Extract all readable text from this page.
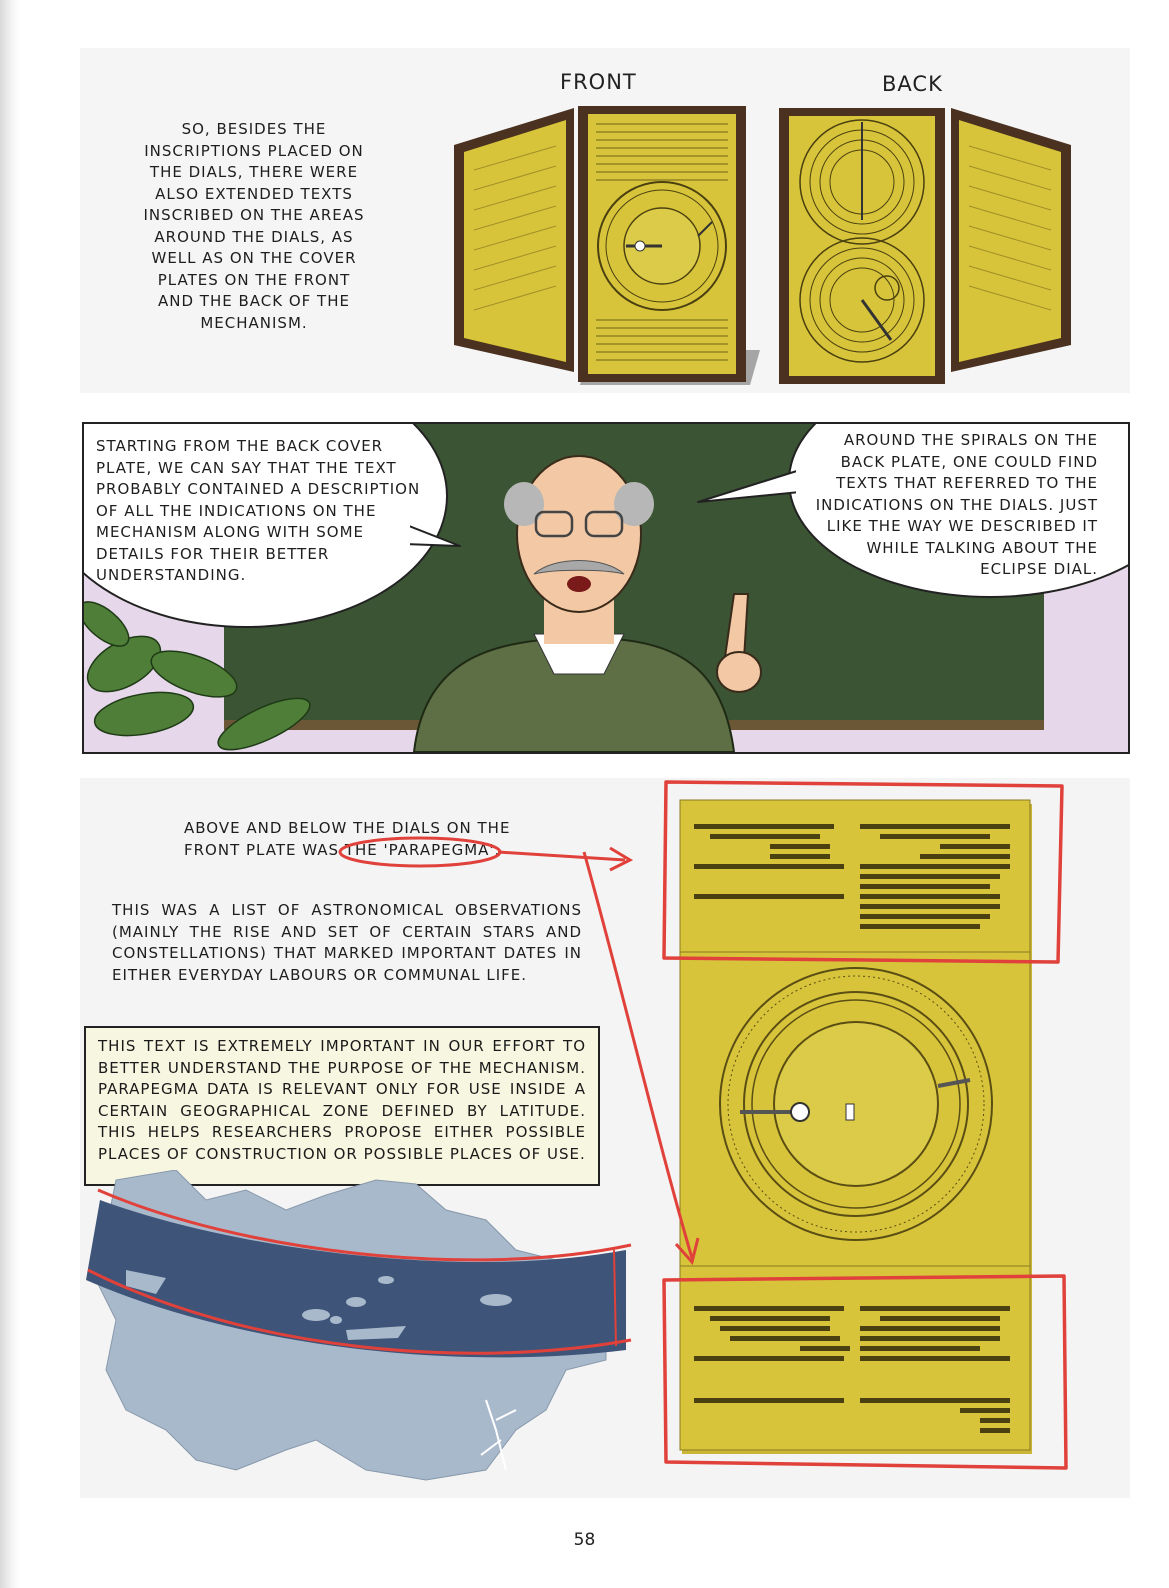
SO, BESIDES THE INSCRIPTIONS PLACED ON THE DIALS, THERE WERE ALSO EXTENDED TEXTS INSCRIBED ON THE AREAS AROUND THE DIALS, AS WELL AS ON THE COVER PLATES ON THE FRONT AND THE BACK OF THE MECHANISM.
FRONT	BACK
STARTING FROM THE BACK COVER PLATE, WE CAN SAY THAT THE TEXT PROBABLY CONTAINED A DESCRIPTION OF ALL THE INDICATIONS ON THE MECHANISM ALONG WITH SOME DETAILS FOR THEIR BETTER UNDERSTANDING.
AROUND THE SPIRALS ON THE BACK PLATE, ONE COULD FIND TEXTS THAT REFERRED TO THE INDICATIONS ON THE DIALS. JUST LIKE THE WAY WE DESCRIBED IT WHILE TALKING ABOUT THE ECLIPSE DIAL.
ABOVE AND BELOW THE DIALS ON THE FRONT PLATE WAS THE 'PARAPEGMA'.
THIS WAS A LIST OF ASTRONOMICAL OBSERVATIONS (MAINLY THE RISE AND SET OF CERTAIN STARS AND CONSTELLATIONS) THAT MARKED IMPORTANT DATES IN EITHER EVERYDAY LABOURS OR COMMUNAL LIFE.
THIS TEXT IS EXTREMELY IMPORTANT IN OUR EFFORT TO BETTER UNDERSTAND THE PURPOSE OF THE MECHANISM. PARAPEGMA DATA IS RELEVANT ONLY FOR USE INSIDE A CERTAIN GEOGRAPHICAL ZONE DEFINED BY LATITUDE. THIS HELPS RESEARCHERS PROPOSE EITHER POSSIBLE PLACES OF CONSTRUCTION OR POSSIBLE PLACES OF USE.
58
